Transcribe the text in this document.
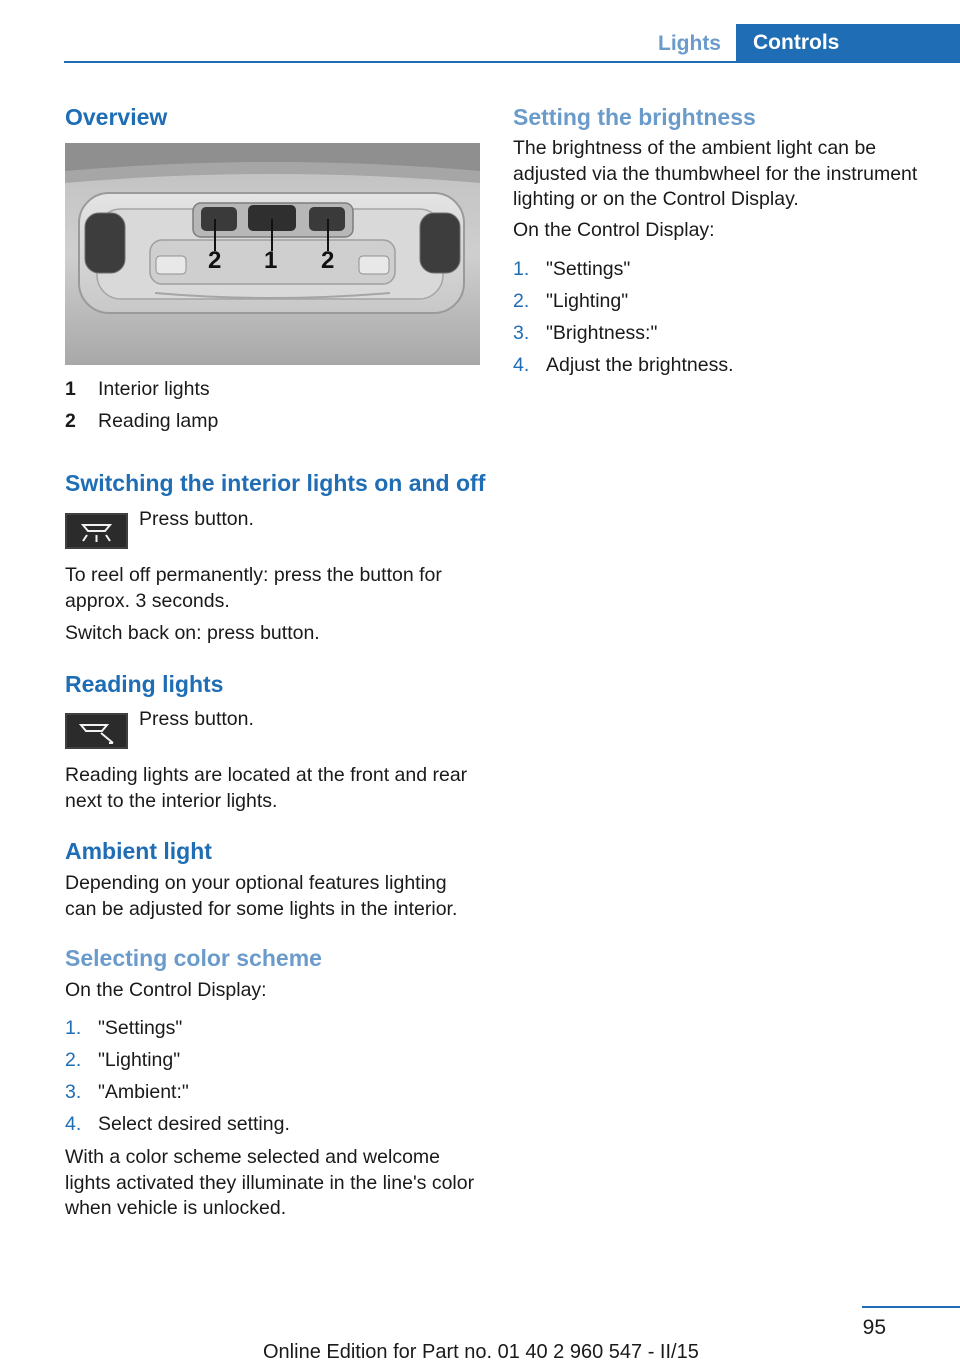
Lights	Controls
Overview
2 1 2
1 Interior lights
2 Reading lamp
Switching the interior lights on and off

Press button.

To reel off permanently: press the button for approx. 3 seconds.

Switch back on: press button.

Reading lights

Press button.

Reading lights are located at the front and rear next to the interior lights.

Ambient light

Depending on your optional features lighting can be adjusted for some lights in the interior.

Selecting color scheme

On the Control Display:

1. "Settings"
2. "Lighting"
3. "Ambient:"
4. Select desired setting.

With a color scheme selected and welcome lights activated they illuminate in the line's color when vehicle is unlocked.

Setting the brightness

The brightness of the ambient light can be adjusted via the thumbwheel for the instrument lighting or on the Control Display.

On the Control Display:

1. "Settings"
2. "Lighting"
3. "Brightness:"
4. Adjust the brightness.
95
Online Edition for Part no. 01 40 2 960 547 - II/15
